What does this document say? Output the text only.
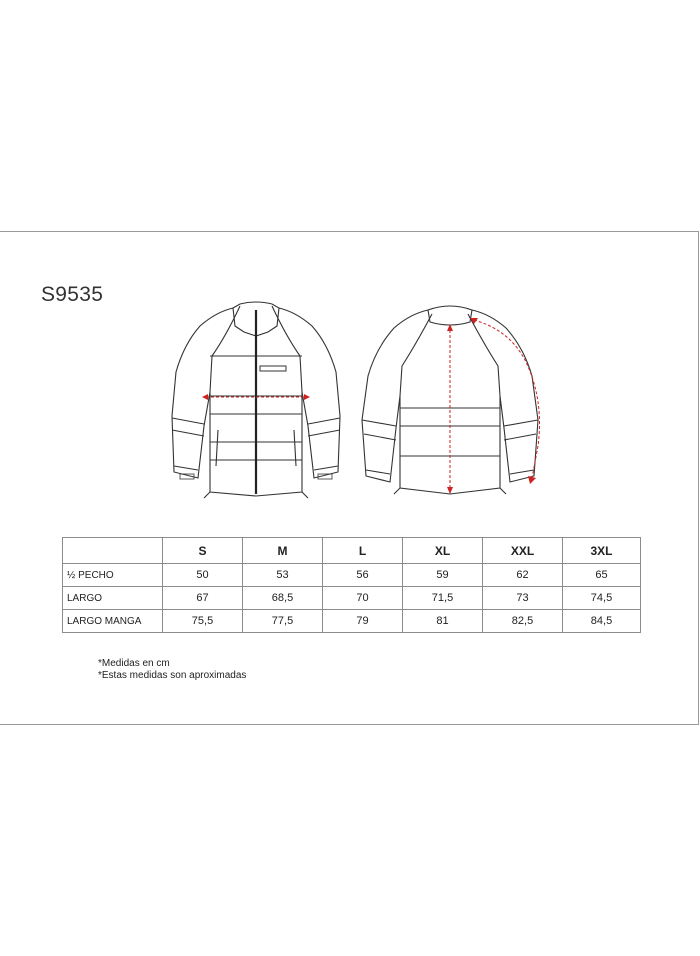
S9535
	S	M	L	XL	XXL	3XL
½ PECHO	50	53	56	59	62	65
LARGO	67	68,5	70	71,5	73	74,5
LARGO MANGA	75,5	77,5	79	81	82,5	84,5
*Medidas en cm
*Estas medidas son aproximadas
